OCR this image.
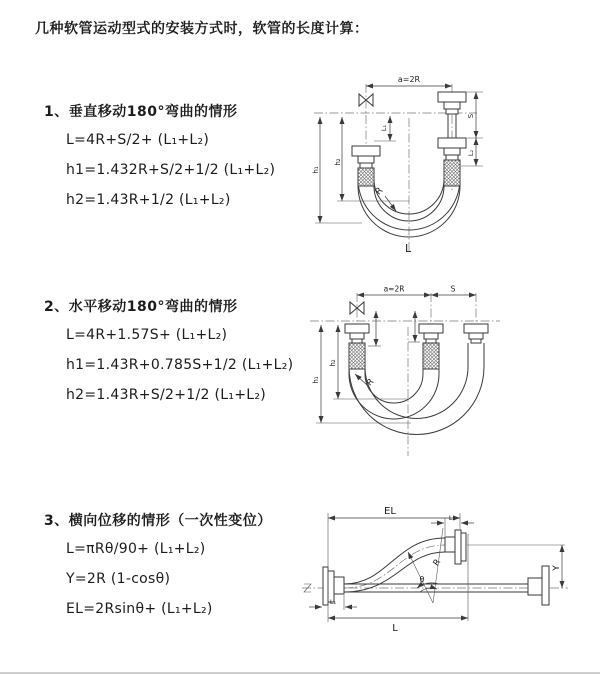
几种软管运动型式的安装方式时，软管的长度计算：
1、垂直移动180°弯曲的情形
L=4R+S/2+ (L₁+L₂)
h1=1.432R+S/2+1/2 (L₁+L₂)
h2=1.43R+1/2 (L₁+L₂)
2、水平移动180°弯曲的情形
L=4R+1.57S+ (L₁+L₂)
h1=1.43R+0.785S+1/2 (L₁+L₂)
h2=1.43R+S/2+1/2 (L₁+L₂)
3、横向位移的情形（一次性变位）
L=πRθ/90+ (L₁+L₂)
Y=2R (1-cosθ)
EL=2Rsinθ+ (L₁+L₂)
a=2R
h₁
h₂
L₁
S
L₂
R
L
a=2R	S
h₂
h₁	R
θ
R
EL
L₁
Y
L
L₁
